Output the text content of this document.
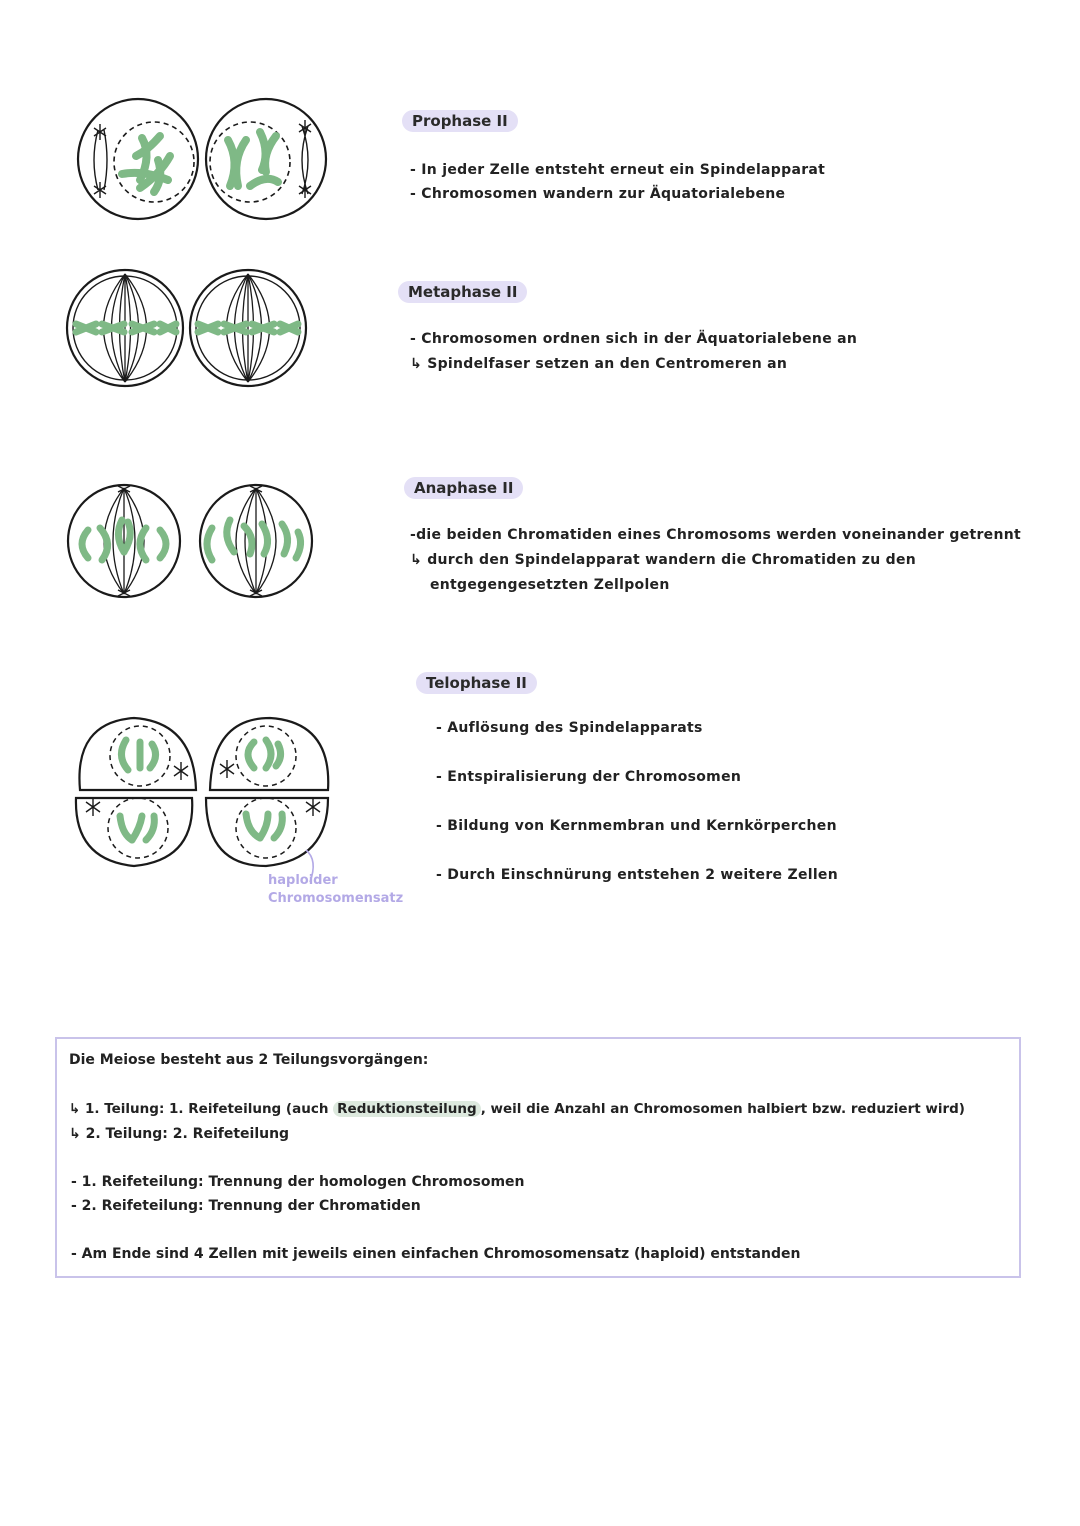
Prophase II
- In jeder Zelle entsteht erneut ein Spindelapparat
- Chromosomen wandern zur Äquatorialebene
Metaphase II
- Chromosomen ordnen sich in der Äquatorialebene an
↳ Spindelfaser setzen an den Centromeren an
Anaphase II
-die beiden Chromatiden eines Chromosoms werden voneinander getrennt
↳ durch den Spindelapparat wandern die Chromatiden zu den
entgegengesetzten Zellpolen
haploider
Chromosomensatz
Telophase II
- Auflösung des Spindelapparats
- Entspiralisierung der Chromosomen
- Bildung von Kernmembran und Kernkörperchen
- Durch Einschnürung entstehen 2 weitere Zellen
Die Meiose besteht aus 2 Teilungsvorgängen:
↳ 1. Teilung: 1. Reifeteilung (auch Reduktionsteilung , weil die Anzahl an Chromosomen halbiert bzw. reduziert wird)
↳ 2. Teilung: 2. Reifeteilung
- 1. Reifeteilung: Trennung der homologen Chromosomen
- 2. Reifeteilung: Trennung der Chromatiden
- Am Ende sind 4 Zellen mit jeweils einen einfachen Chromosomensatz (haploid) entstanden
